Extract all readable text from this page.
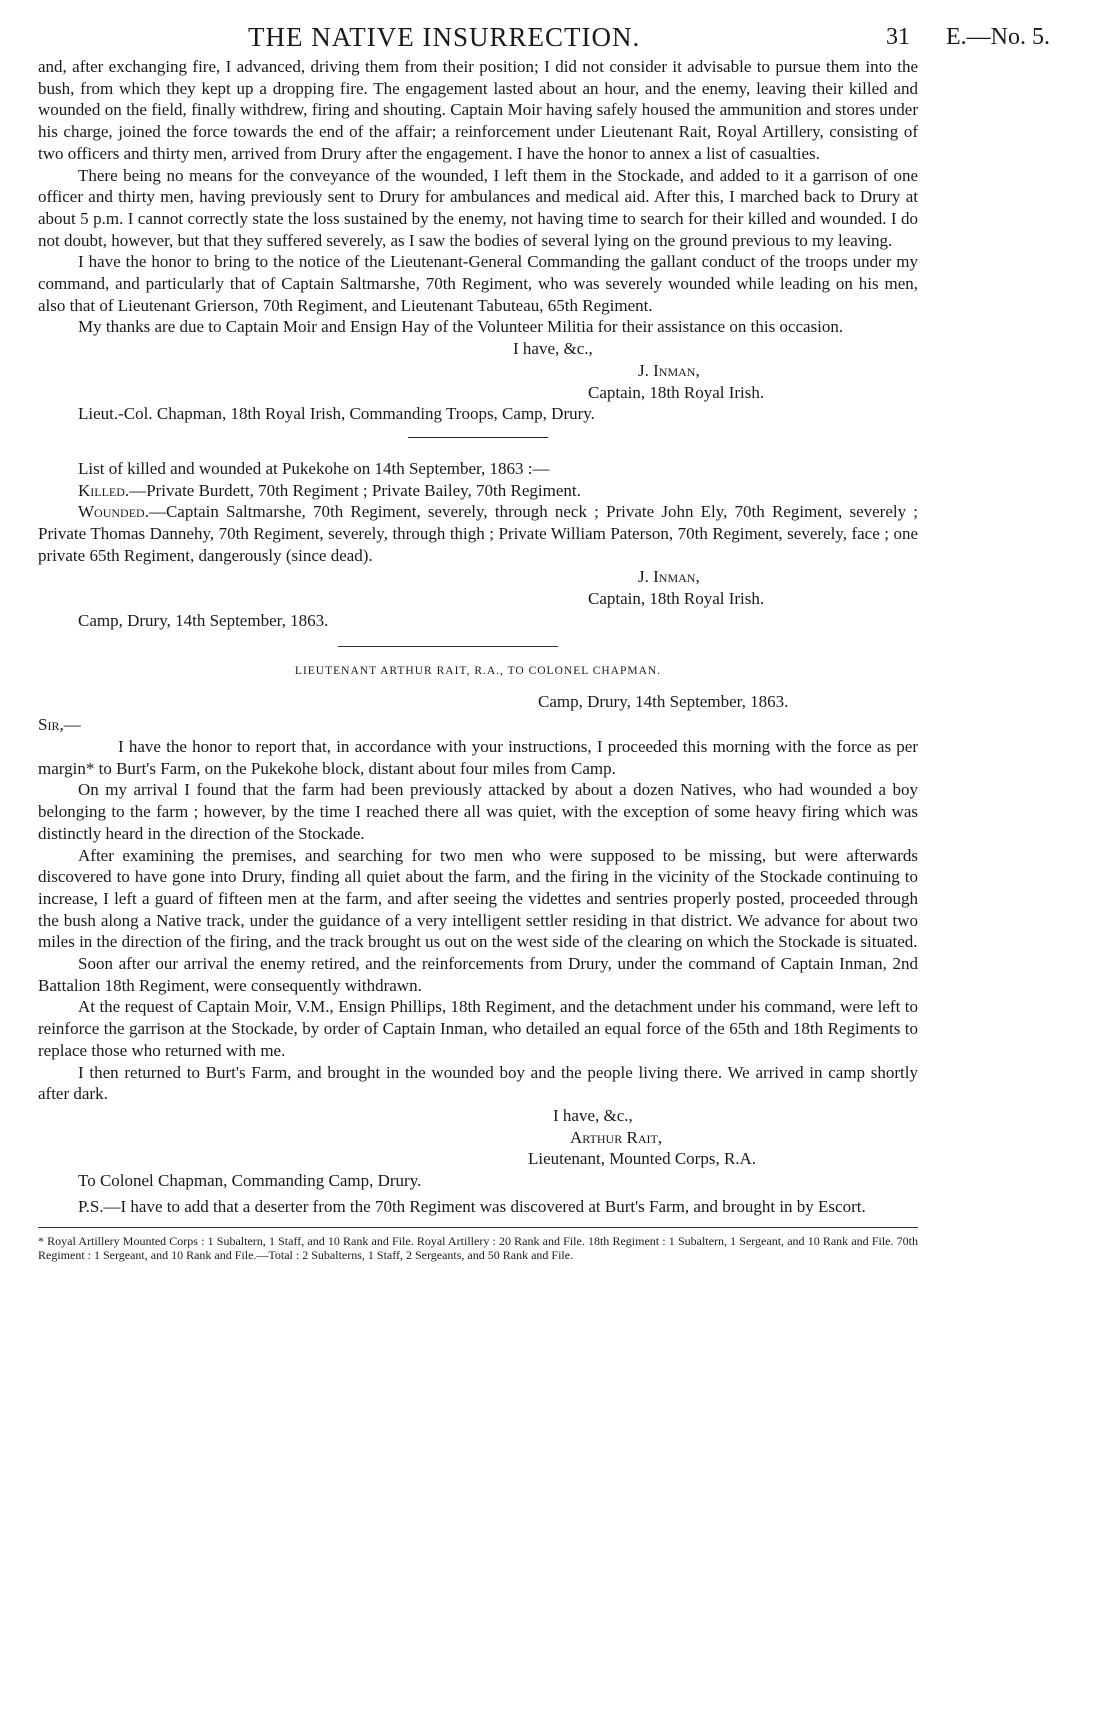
THE NATIVE INSURRECTION.	31 E.—No. 5.

and, after exchanging fire, I advanced, driving them from their position; I did not consider it advisable to pursue them into the bush, from which they kept up a dropping fire. The engagement lasted about an hour, and the enemy, leaving their killed and wounded on the field, finally withdrew, firing and shouting. Captain Moir having safely housed the ammunition and stores under his charge, joined the force towards the end of the affair; a reinforcement under Lieutenant Rait, Royal Artillery, consisting of two officers and thirty men, arrived from Drury after the engagement. I have the honor to annex a list of casualties.

There being no means for the conveyance of the wounded, I left them in the Stockade, and added to it a garrison of one officer and thirty men, having previously sent to Drury for ambulances and medical aid. After this, I marched back to Drury at about 5 p.m. I cannot correctly state the loss sustained by the enemy, not having time to search for their killed and wounded. I do not doubt, however, but that they suffered severely, as I saw the bodies of several lying on the ground previous to my leaving.

I have the honor to bring to the notice of the Lieutenant-General Commanding the gallant conduct of the troops under my command, and particularly that of Captain Saltmarshe, 70th Regiment, who was severely wounded while leading on his men, also that of Lieutenant Grierson, 70th Regiment, and Lieutenant Tabuteau, 65th Regiment.

My thanks are due to Captain Moir and Ensign Hay of the Volunteer Militia for their assistance on this occasion.

I have, &c.,

J. Inman,

Captain, 18th Royal Irish.

Lieut.-Col. Chapman, 18th Royal Irish, Commanding Troops, Camp, Drury.

List of killed and wounded at Pukekohe on 14th September, 1863 :—

Killed.—Private Burdett, 70th Regiment ; Private Bailey, 70th Regiment.

Wounded.—Captain Saltmarshe, 70th Regiment, severely, through neck ; Private John Ely, 70th Regiment, severely ; Private Thomas Dannehy, 70th Regiment, severely, through thigh ; Private William Paterson, 70th Regiment, severely, face ; one private 65th Regiment, dangerously (since dead).

J. Inman,

Captain, 18th Royal Irish.

Camp, Drury, 14th September, 1863.

LIEUTENANT ARTHUR RAIT, R.A., TO COLONEL CHAPMAN.

Camp, Drury, 14th September, 1863.

Sir,—

I have the honor to report that, in accordance with your instructions, I proceeded this morning with the force as per margin* to Burt's Farm, on the Pukekohe block, distant about four miles from Camp.

On my arrival I found that the farm had been previously attacked by about a dozen Natives, who had wounded a boy belonging to the farm ; however, by the time I reached there all was quiet, with the exception of some heavy firing which was distinctly heard in the direction of the Stockade.

After examining the premises, and searching for two men who were supposed to be missing, but were afterwards discovered to have gone into Drury, finding all quiet about the farm, and the firing in the vicinity of the Stockade continuing to increase, I left a guard of fifteen men at the farm, and after seeing the videttes and sentries properly posted, proceeded through the bush along a Native track, under the guidance of a very intelligent settler residing in that district. We advance for about two miles in the direction of the firing, and the track brought us out on the west side of the clearing on which the Stockade is situated.

Soon after our arrival the enemy retired, and the reinforcements from Drury, under the command of Captain Inman, 2nd Battalion 18th Regiment, were consequently withdrawn.

At the request of Captain Moir, V.M., Ensign Phillips, 18th Regiment, and the detachment under his command, were left to reinforce the garrison at the Stockade, by order of Captain Inman, who detailed an equal force of the 65th and 18th Regiments to replace those who returned with me.

I then returned to Burt's Farm, and brought in the wounded boy and the people living there. We arrived in camp shortly after dark.

I have, &c.,

Arthur Rait,

Lieutenant, Mounted Corps, R.A.

To Colonel Chapman, Commanding Camp, Drury.

P.S.—I have to add that a deserter from the 70th Regiment was discovered at Burt's Farm, and brought in by Escort.

* Royal Artillery Mounted Corps : 1 Subaltern, 1 Staff, and 10 Rank and File. Royal Artillery : 20 Rank and File. 18th Regiment : 1 Subaltern, 1 Sergeant, and 10 Rank and File. 70th Regiment : 1 Sergeant, and 10 Rank and File.—Total : 2 Subalterns, 1 Staff, 2 Sergeants, and 50 Rank and File.
